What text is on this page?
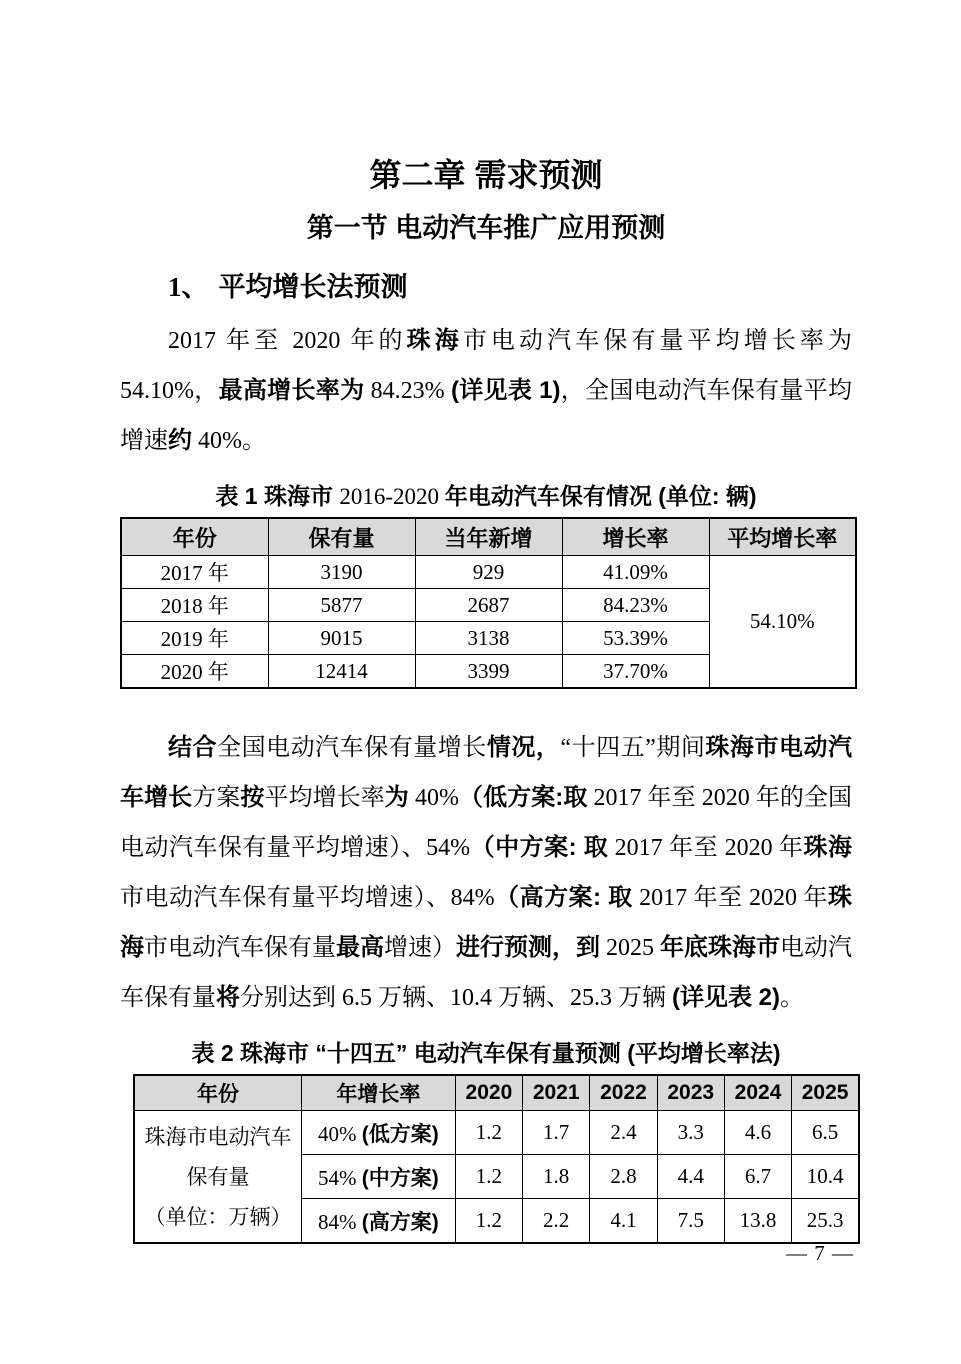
第二章 需求预测
第一节 电动汽车推广应用预测
1、 平均增长法预测

2017 年至 2020 年的珠海市电动汽车保有量平均增长率为 54.10%，最高增长率为 84.23% (详见表 1)，全国电动汽车保有量平均增速约 40%。

表 1 珠海市 2016-2020 年电动汽车保有情况 (单位: 辆)
年份	保有量	当年新增	增长率	平均增长率
2017 年	3190	929	41.09%	54.10%
2018 年	5877	2687	84.23%	
2019 年	9015	3138	53.39%	
2020 年	12414	3399	37.70%	

结合全国电动汽车保有量增长情况，“十四五”期间珠海市电动汽车增长方案按平均增长率为 40%（低方案:取 2017 年至 2020 年的全国电动汽车保有量平均增速）、54%（中方案: 取 2017 年至 2020 年珠海市电动汽车保有量平均增速）、84%（高方案: 取 2017 年至 2020 年珠海市电动汽车保有量最高增速）进行预测，到 2025 年底珠海市电动汽车保有量将分别达到 6.5 万辆、10.4 万辆、25.3 万辆 (详见表 2)。

表 2 珠海市 “十四五” 电动汽车保有量预测 (平均增长率法)
年份	年增长率	2020	2021	2022	2023	2024	2025

珠海市电动汽车
保有量
（单位：万辆）	40% (低方案)	1.2	1.7	2.4	3.3	4.6	6.5
	54% (中方案)	1.2	1.8	2.8	4.4	6.7	10.4
	84% (高方案)	1.2	2.2	4.1	7.5	13.8	25.3
— 7 —
